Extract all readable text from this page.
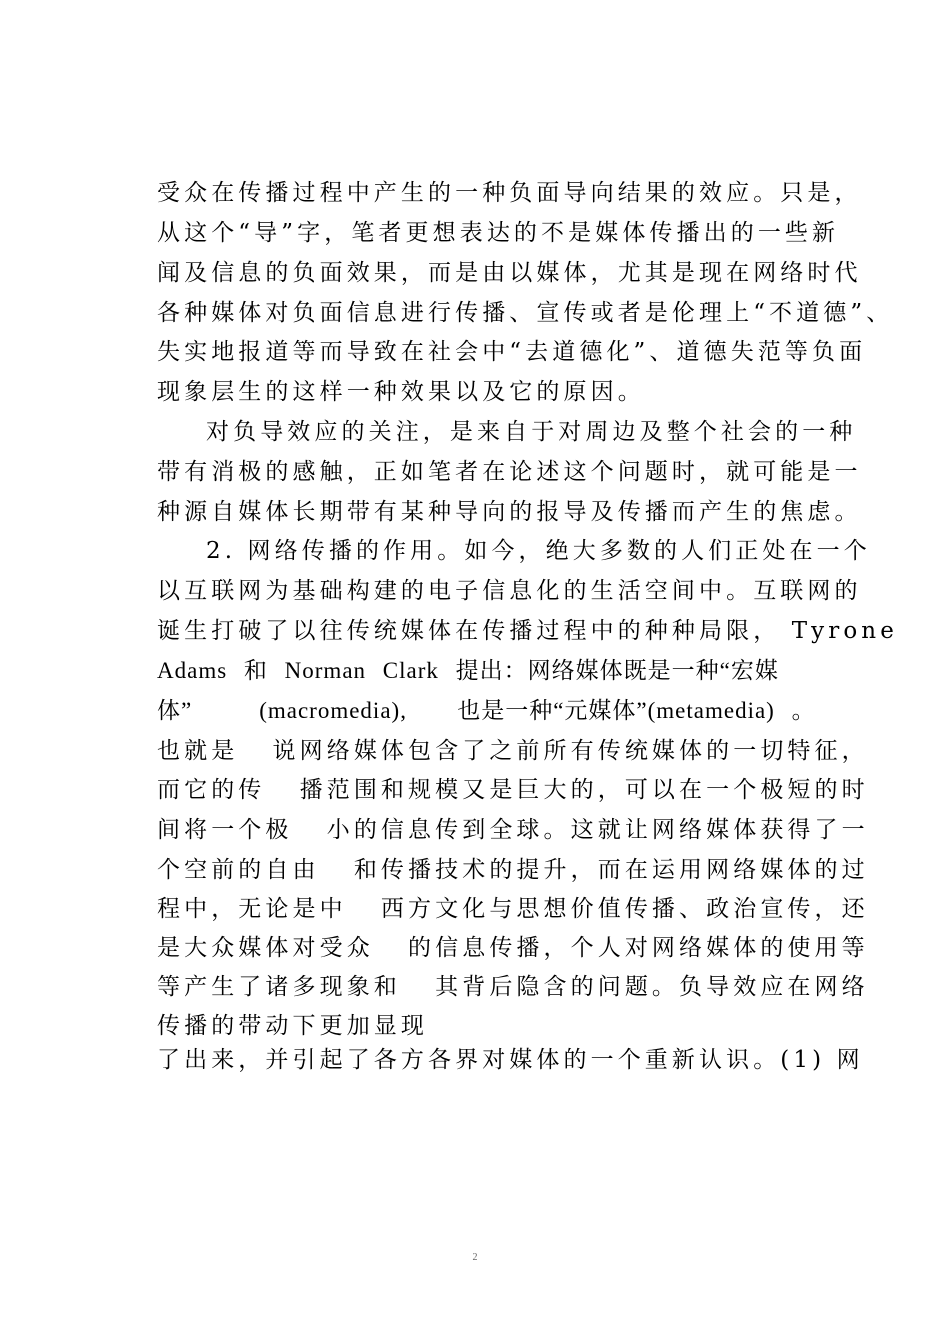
受众在传播过程中产生的一种负面导向结果的效应。只是，
从这个“导”字，笔者更想表达的不是媒体传播出的一些新
闻及信息的负面效果，而是由以媒体，尤其是现在网络时代
各种媒体对负面信息进行传播、宣传或者是伦理上“不道德”、
失实地报道等而导致在社会中“去道德化”、道德失范等负面
现象层生的这样一种效果以及它的原因。
对负导效应的关注，是来自于对周边及整个社会的一种
带有消极的感触，正如笔者在论述这个问题时，就可能是一
种源自媒体长期带有某种导向的报导及传播而产生的焦虑。
2. 网络传播的作用。如今，绝大多数的人们正处在一个
以互联网为基础构建的电子信息化的生活空间中。互联网的
诞生打破了以往传统媒体在传播过程中的种种局限， Tyrone
Adams 和 Norman Clark 提出：网络媒体既是一种“宏媒
体”    (macromedia),   也是一种“元媒体”(metamedia) 。
也就是   说网络媒体包含了之前所有传统媒体的一切特征，
而它的传   播范围和规模又是巨大的，可以在一个极短的时
间将一个极   小的信息传到全球。这就让网络媒体获得了一
个空前的自由   和传播技术的提升，而在运用网络媒体的过
程中，无论是中   西方文化与思想价值传播、政治宣传，还
是大众媒体对受众   的信息传播，个人对网络媒体的使用等
等产生了诸多现象和   其背后隐含的问题。负导效应在网络
传播的带动下更加显现
了出来，并引起了各方各界对媒体的一个重新认识。(1) 网
2
